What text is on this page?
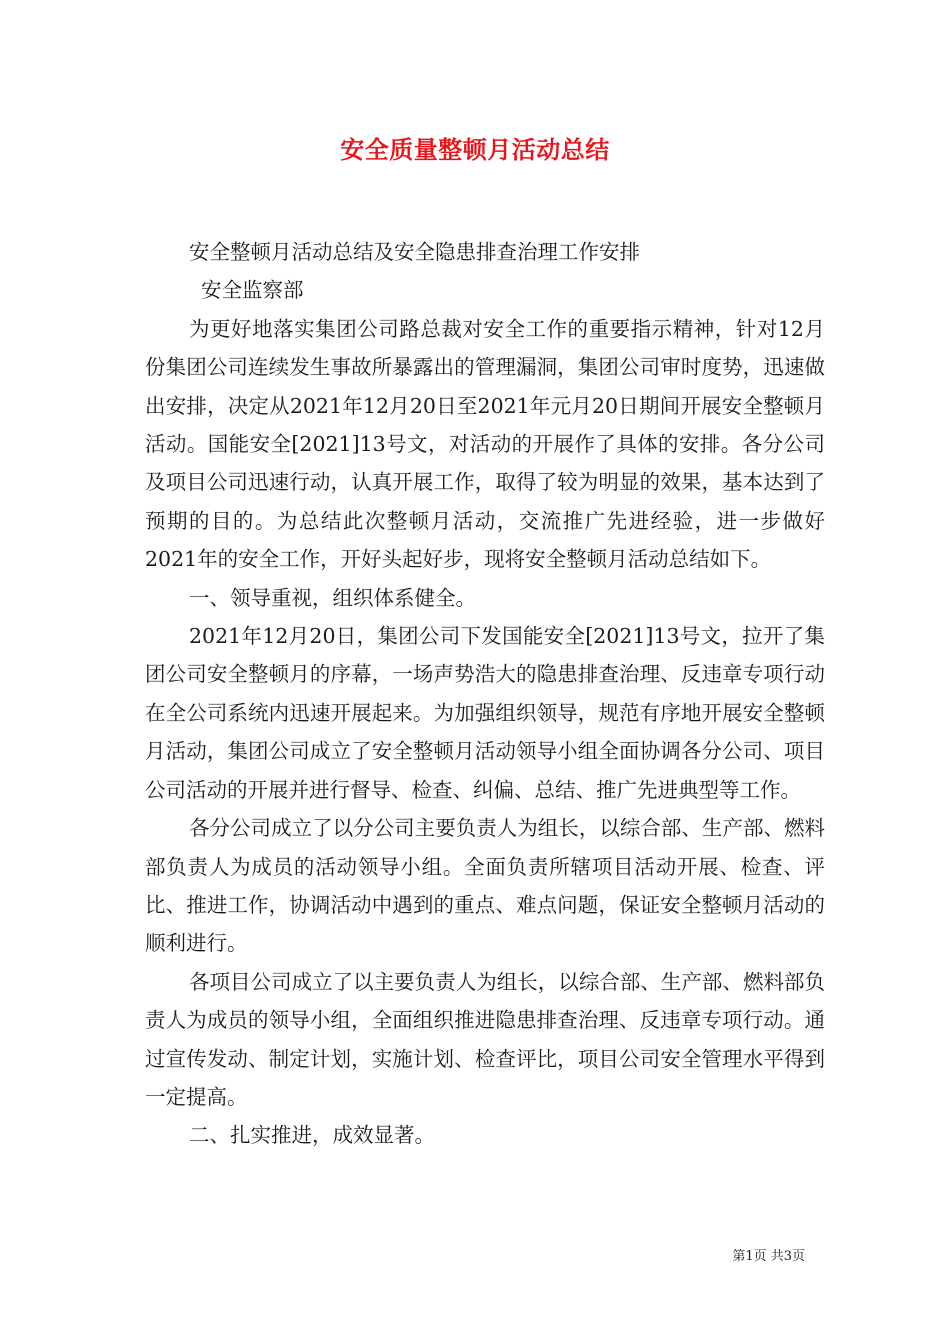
安全质量整顿月活动总结

安全整顿月活动总结及安全隐患排查治理工作安排

安全监察部

为更好地落实集团公司路总裁对安全工作的重要指示精神，针对12月份集团公司连续发生事故所暴露出的管理漏洞，集团公司审时度势，迅速做出安排，决定从2021年12月20日至2021年元月20日期间开展安全整顿月活动。国能安全[2021]13号文，对活动的开展作了具体的安排。各分公司及项目公司迅速行动，认真开展工作，取得了较为明显的效果，基本达到了预期的目的。为总结此次整顿月活动，交流推广先进经验，进一步做好2021年的安全工作，开好头起好步，现将安全整顿月活动总结如下。

一、领导重视，组织体系健全。

2021年12月20日，集团公司下发国能安全[2021]13号文，拉开了集团公司安全整顿月的序幕，一场声势浩大的隐患排查治理、反违章专项行动在全公司系统内迅速开展起来。为加强组织领导，规范有序地开展安全整顿月活动，集团公司成立了安全整顿月活动领导小组全面协调各分公司、项目公司活动的开展并进行督导、检查、纠偏、总结、推广先进典型等工作。

各分公司成立了以分公司主要负责人为组长，以综合部、生产部、燃料部负责人为成员的活动领导小组。全面负责所辖项目活动开展、检查、评比、推进工作，协调活动中遇到的重点、难点问题，保证安全整顿月活动的顺利进行。

各项目公司成立了以主要负责人为组长，以综合部、生产部、燃料部负责人为成员的领导小组，全面组织推进隐患排查治理、反违章专项行动。通过宣传发动、制定计划，实施计划、检查评比，项目公司安全管理水平得到一定提高。

二、扎实推进，成效显著。

第1页 共3页
